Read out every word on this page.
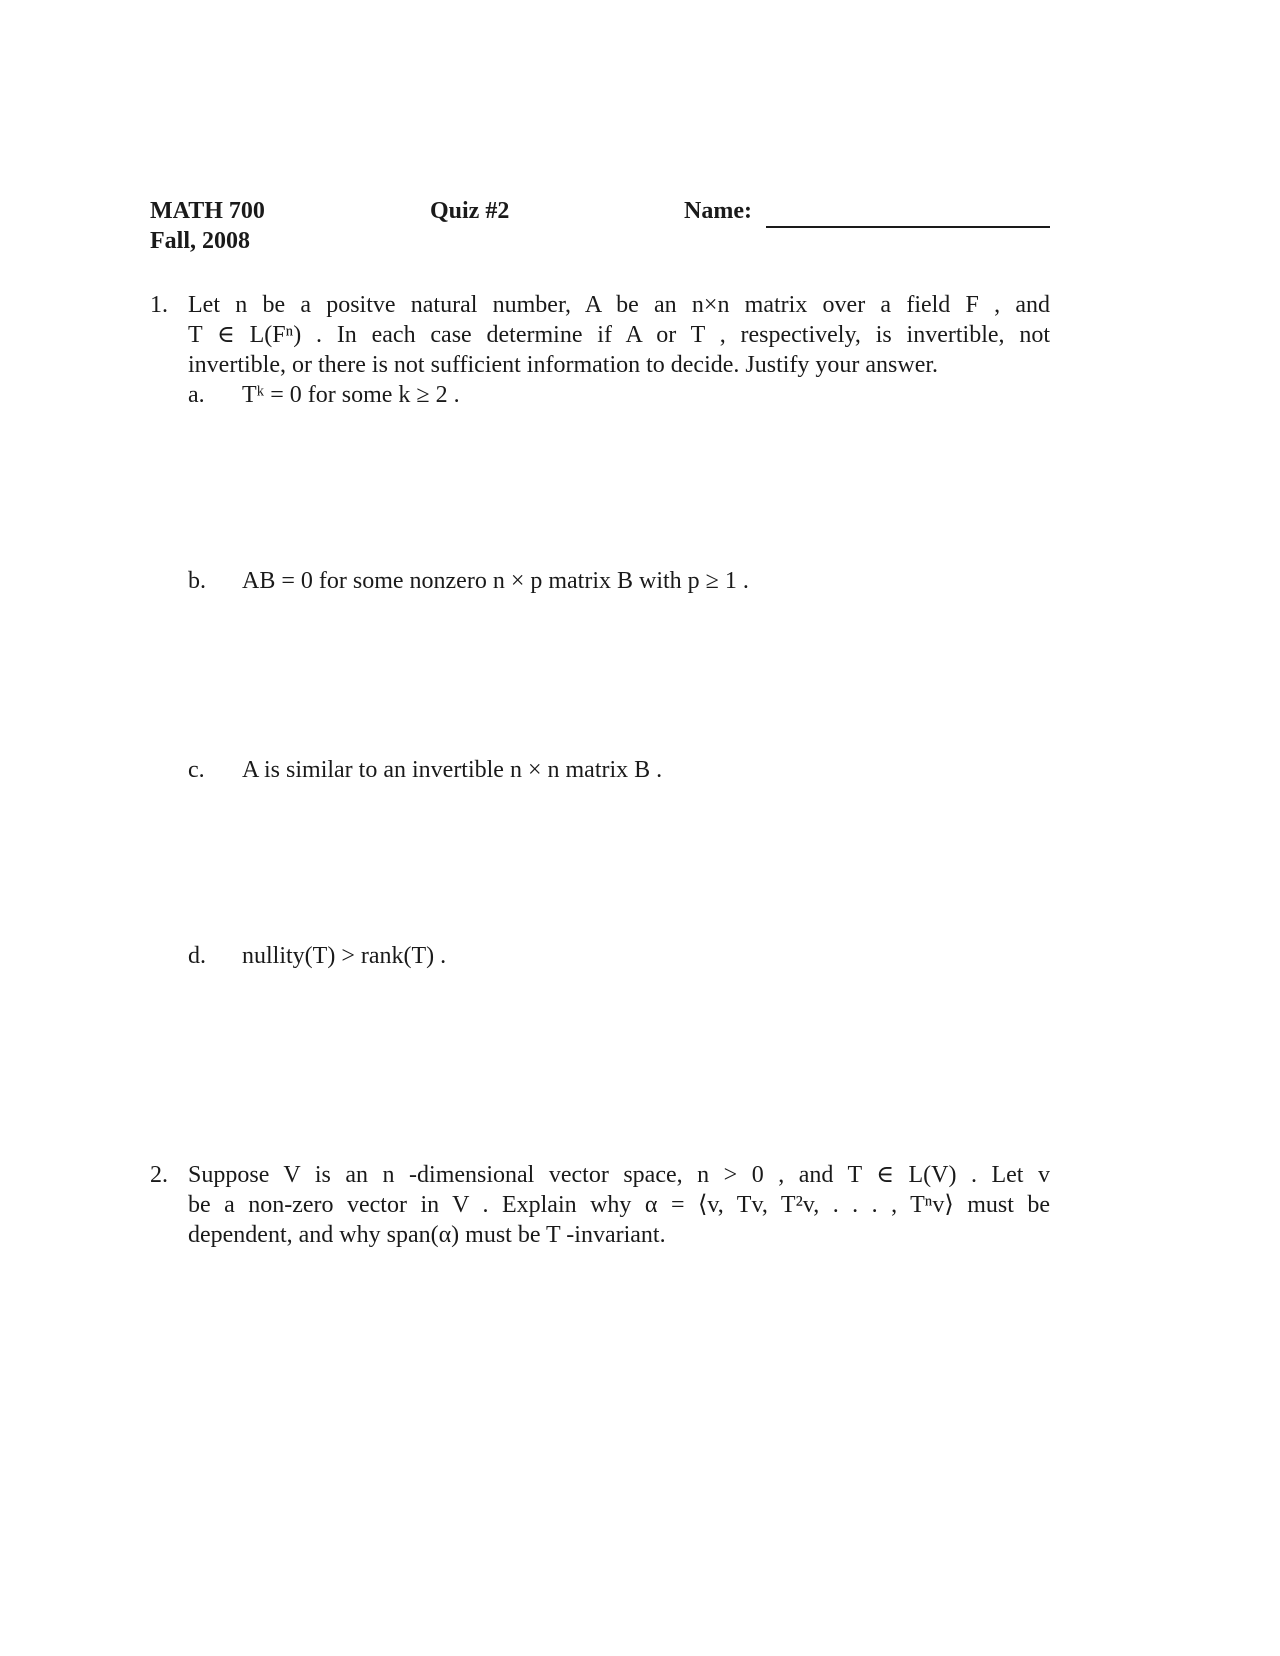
MATH 700
Fall, 2008
Quiz #2	Name:
1. Let n be a positve natural number, A be an n×n matrix over a field F , and
T ∈ L(Fⁿ) . In each case determine if A or T , respectively, is invertible, not
invertible, or there is not sufficient information to decide. Justify your answer.
a. Tᵏ = 0 for some k ≥ 2 .
b. AB = 0 for some nonzero n × p matrix B with p ≥ 1 .
c. A is similar to an invertible n × n matrix B .
d. nullity(T) > rank(T) .
2. Suppose V is an n -dimensional vector space, n > 0 , and T ∈ L(V) . Let v
be a non-zero vector in V . Explain why α = ⟨v, Tv, T²v, . . . , Tⁿv⟩ must be
dependent, and why span(α) must be T -invariant.
